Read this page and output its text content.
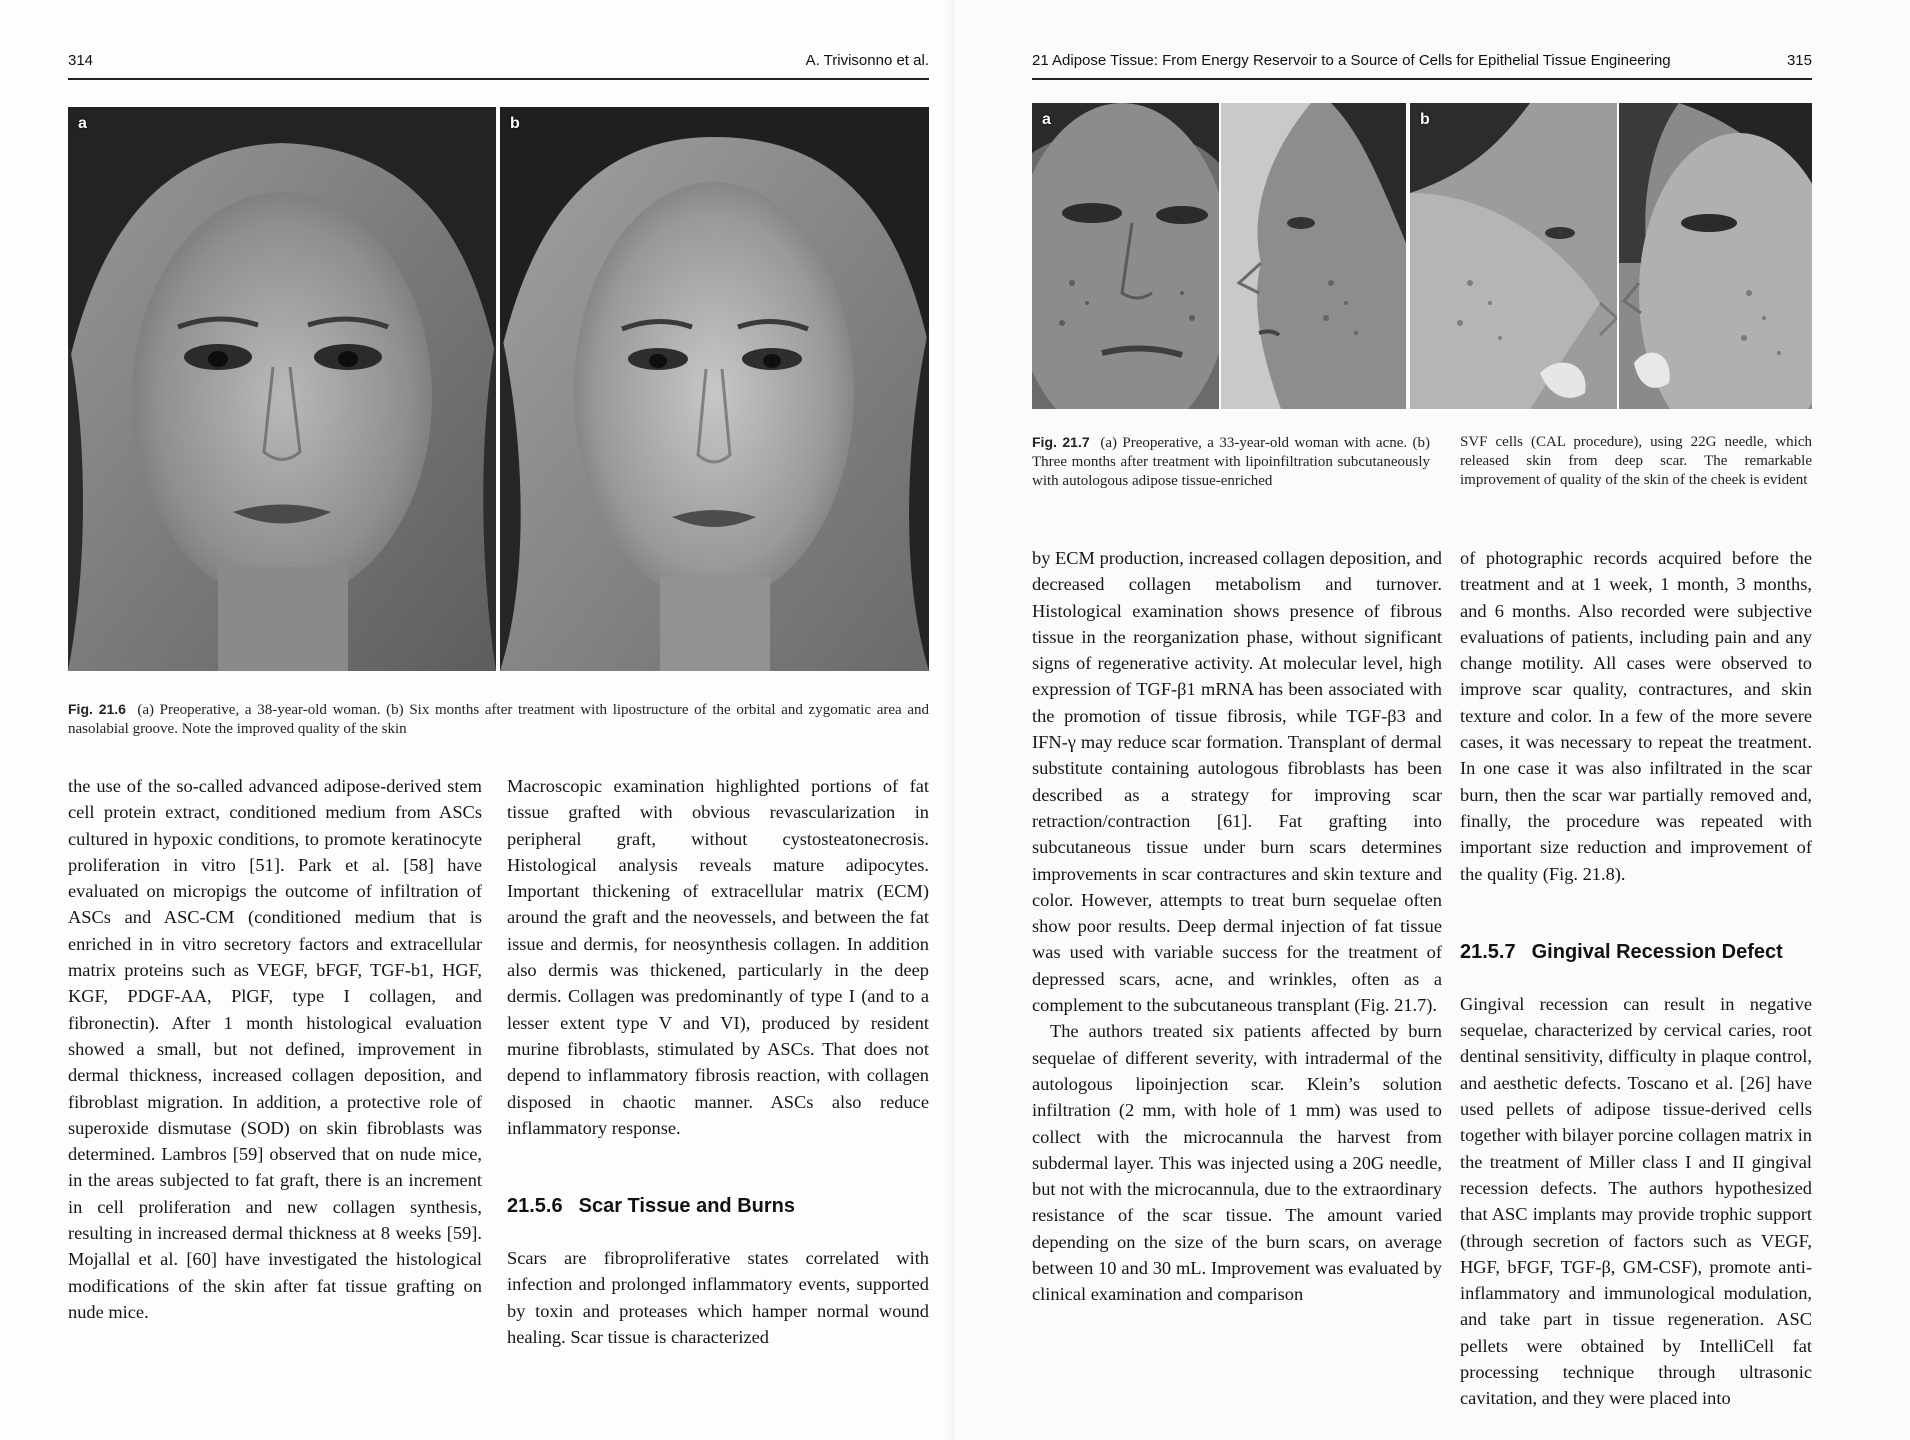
314	A. Trivisonno et al.
a	b
Fig. 21.6 (a) Preoperative, a 38-year-old woman. (b) Six months after treatment with lipostructure of the orbital and zygomatic area and nasolabial groove. Note the improved quality of the skin

the use of the so-called advanced adipose-derived stem cell protein extract, conditioned medium from ASCs cultured in hypoxic conditions, to promote keratinocyte proliferation in vitro [51]. Park et al. [58] have evaluated on micropigs the outcome of infiltration of ASCs and ASC-CM (conditioned medium that is enriched in in vitro secretory factors and extracellular matrix proteins such as VEGF, bFGF, TGF-b1, HGF, KGF, PDGF-AA, PlGF, type I collagen, and fibronectin). After 1 month histological evaluation showed a small, but not defined, improvement in dermal thickness, increased collagen deposition, and fibroblast migration. In addition, a protective role of superoxide dismutase (SOD) on skin fibroblasts was determined. Lambros [59] observed that on nude mice, in the areas subjected to fat graft, there is an increment in cell proliferation and new collagen synthesis, resulting in increased dermal thickness at 8 weeks [59]. Mojallal et al. [60] have investigated the histological modifications of the skin after fat tissue grafting on nude mice.

Macroscopic examination highlighted portions of fat tissue grafted with obvious revascularization in peripheral graft, without cystosteatonecrosis. Histological analysis reveals mature adipocytes. Important thickening of extracellular matrix (ECM) around the graft and the neovessels, and between the fat issue and dermis, for neosynthesis collagen. In addition also dermis was thickened, particularly in the deep dermis. Collagen was predominantly of type I (and to a lesser extent type V and VI), produced by resident murine fibroblasts, stimulated by ASCs. That does not depend to inflammatory fibrosis reaction, with collagen disposed in chaotic manner. ASCs also reduce inflammatory response.

21.5.6 Scar Tissue and Burns

Scars are fibroproliferative states correlated with infection and prolonged inflammatory events, supported by toxin and proteases which hamper normal wound healing. Scar tissue is characterized

21 Adipose Tissue: From Energy Reservoir to a Source of Cells for Epithelial Tissue Engineering	315
a	b
Fig. 21.7 (a) Preoperative, a 33-year-old woman with acne. (b) Three months after treatment with lipoinfiltration subcutaneously with autologous adipose tissue-enriched
SVF cells (CAL procedure), using 22G needle, which released skin from deep scar. The remarkable improvement of quality of the skin of the cheek is evident

by ECM production, increased collagen deposition, and decreased collagen metabolism and turnover. Histological examination shows presence of fibrous tissue in the reorganization phase, without significant signs of regenerative activity. At molecular level, high expression of TGF-β1 mRNA has been associated with the promotion of tissue fibrosis, while TGF-β3 and IFN-γ may reduce scar formation. Transplant of dermal substitute containing autologous fibroblasts has been described as a strategy for improving scar retraction/contraction [61]. Fat grafting into subcutaneous tissue under burn scars determines improvements in scar contractures and skin texture and color. However, attempts to treat burn sequelae often show poor results. Deep dermal injection of fat tissue was used with variable success for the treatment of depressed scars, acne, and wrinkles, often as a complement to the subcutaneous transplant (Fig. 21.7).

The authors treated six patients affected by burn sequelae of different severity, with intradermal of the autologous lipoinjection scar. Klein’s solution infiltration (2 mm, with hole of 1 mm) was used to collect with the microcannula the harvest from subdermal layer. This was injected using a 20G needle, but not with the microcannula, due to the extraordinary resistance of the scar tissue. The amount varied depending on the size of the burn scars, on average between 10 and 30 mL. Improvement was evaluated by clinical examination and comparison

of photographic records acquired before the treatment and at 1 week, 1 month, 3 months, and 6 months. Also recorded were subjective evaluations of patients, including pain and any change motility. All cases were observed to improve scar quality, contractures, and skin texture and color. In a few of the more severe cases, it was necessary to repeat the treatment. In one case it was also infiltrated in the scar burn, then the scar war partially removed and, finally, the procedure was repeated with important size reduction and improvement of the quality (Fig. 21.8).

21.5.7 Gingival Recession Defect

Gingival recession can result in negative sequelae, characterized by cervical caries, root dentinal sensitivity, difficulty in plaque control, and aesthetic defects. Toscano et al. [26] have used pellets of adipose tissue-derived cells together with bilayer porcine collagen matrix in the treatment of Miller class I and II gingival recession defects. The authors hypothesized that ASC implants may provide trophic support (through secretion of factors such as VEGF, HGF, bFGF, TGF-β, GM-CSF), promote anti-inflammatory and immunological modulation, and take part in tissue regeneration. ASC pellets were obtained by IntelliCell fat processing technique through ultrasonic cavitation, and they were placed into
